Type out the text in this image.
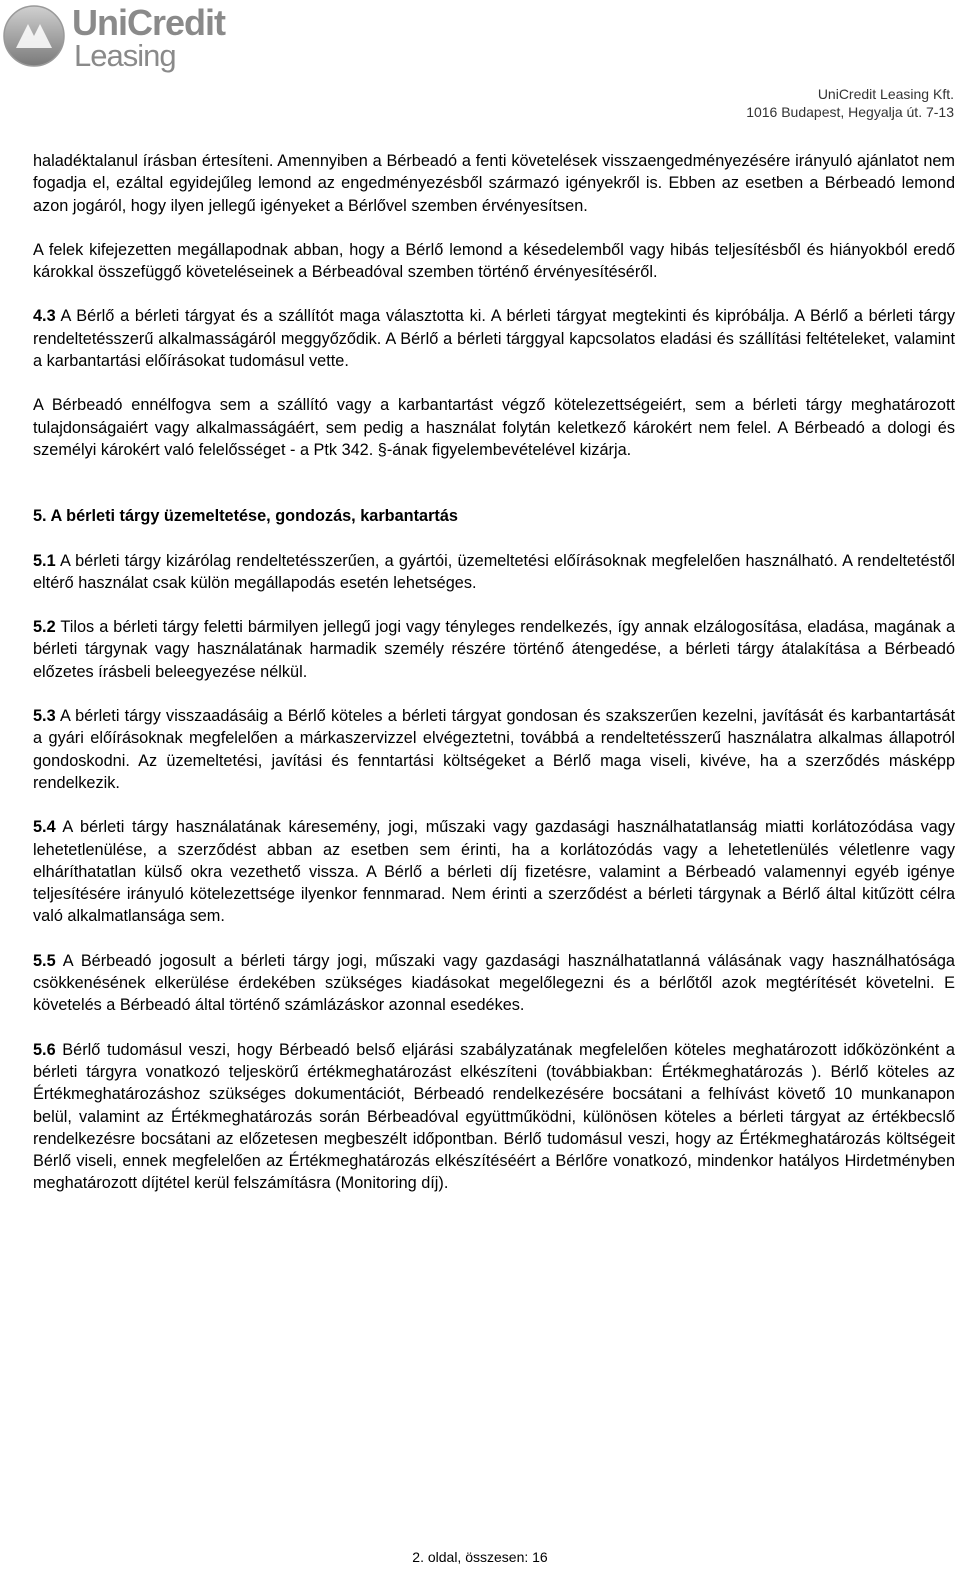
UniCredit
Leasing
UniCredit Leasing Kft.
1016 Budapest, Hegyalja út. 7-13

haladéktalanul írásban értesíteni. Amennyiben a Bérbeadó a fenti követelések visszaengedményezésére irányuló ajánlatot nem fogadja el, ezáltal egyidejűleg lemond az engedményezésből származó igényekről is. Ebben az esetben a Bérbeadó lemond azon jogáról, hogy ilyen jellegű igényeket a Bérlővel szemben érvényesítsen.

A felek kifejezetten megállapodnak abban, hogy a Bérlő lemond a késedelemből vagy hibás teljesítésből és hiányokból eredő károkkal összefüggő követeléseinek a Bérbeadóval szemben történő érvényesítéséről.

4.3 A Bérlő a bérleti tárgyat és a szállítót maga választotta ki. A bérleti tárgyat megtekinti és kipróbálja. A Bérlő a bérleti tárgy rendeltetésszerű alkalmasságáról meggyőződik. A Bérlő a bérleti tárggyal kapcsolatos eladási és szállítási feltételeket, valamint a karbantartási előírásokat tudomásul vette.

A Bérbeadó ennélfogva sem a szállító vagy a karbantartást végző kötelezettségeiért, sem a bérleti tárgy meghatározott tulajdonságaiért vagy alkalmasságáért, sem pedig a használat folytán keletkező károkért nem felel. A Bérbeadó a dologi és személyi károkért való felelősséget - a Ptk 342. §-ának figyelembevételével kizárja.

5. A bérleti tárgy üzemeltetése, gondozás, karbantartás

5.1 A bérleti tárgy kizárólag rendeltetésszerűen, a gyártói, üzemeltetési előírásoknak megfelelően használható. A rendeltetéstől eltérő használat csak külön megállapodás esetén lehetséges.

5.2 Tilos a bérleti tárgy feletti bármilyen jellegű jogi vagy tényleges rendelkezés, így annak elzálogosítása, eladása, magának a bérleti tárgynak vagy használatának harmadik személy részére történő átengedése, a bérleti tárgy átalakítása a Bérbeadó előzetes írásbeli beleegyezése nélkül.

5.3 A bérleti tárgy visszaadásáig a Bérlő köteles a bérleti tárgyat gondosan és szakszerűen kezelni, javítását és karbantartását a gyári előírásoknak megfelelően a márkaszervizzel elvégeztetni, továbbá a rendeltetésszerű használatra alkalmas állapotról gondoskodni. Az üzemeltetési, javítási és fenntartási költségeket a Bérlő maga viseli, kivéve, ha a szerződés másképp rendelkezik.

5.4 A bérleti tárgy használatának káresemény, jogi, műszaki vagy gazdasági használhatatlanság miatti korlátozódása vagy lehetetlenülése, a szerződést abban az esetben sem érinti, ha a korlátozódás vagy a lehetetlenülés véletlenre vagy elháríthatatlan külső okra vezethető vissza. A Bérlő a bérleti díj fizetésre, valamint a Bérbeadó valamennyi egyéb igénye teljesítésére irányuló kötelezettsége ilyenkor fennmarad. Nem érinti a szerződést a bérleti tárgynak a Bérlő által kitűzött célra való alkalmatlansága sem.

5.5 A Bérbeadó jogosult a bérleti tárgy jogi, műszaki vagy gazdasági használhatatlanná válásának vagy használhatósága csökkenésének elkerülése érdekében szükséges kiadásokat megelőlegezni és a bérlőtől azok megtérítését követelni. E követelés a Bérbeadó által történő számlázáskor azonnal esedékes.

5.6 Bérlő tudomásul veszi, hogy Bérbeadó belső eljárási szabályzatának megfelelően köteles meghatározott időközönként a bérleti tárgyra vonatkozó teljeskörű értékmeghatározást elkészíteni (továbbiakban: Értékmeghatározás ). Bérlő köteles az Értékmeghatározáshoz szükséges dokumentációt, Bérbeadó rendelkezésére bocsátani a felhívást követő 10 munkanapon belül, valamint az Értékmeghatározás során Bérbeadóval együttműködni, különösen köteles a bérleti tárgyat az értékbecslő rendelkezésre bocsátani az előzetesen megbeszélt időpontban. Bérlő tudomásul veszi, hogy az Értékmeghatározás költségeit Bérlő viseli, ennek megfelelően az Értékmeghatározás elkészítéséért a Bérlőre vonatkozó, mindenkor hatályos Hirdetményben meghatározott díjtétel kerül felszámításra (Monitoring díj).

2. oldal, összesen: 16
